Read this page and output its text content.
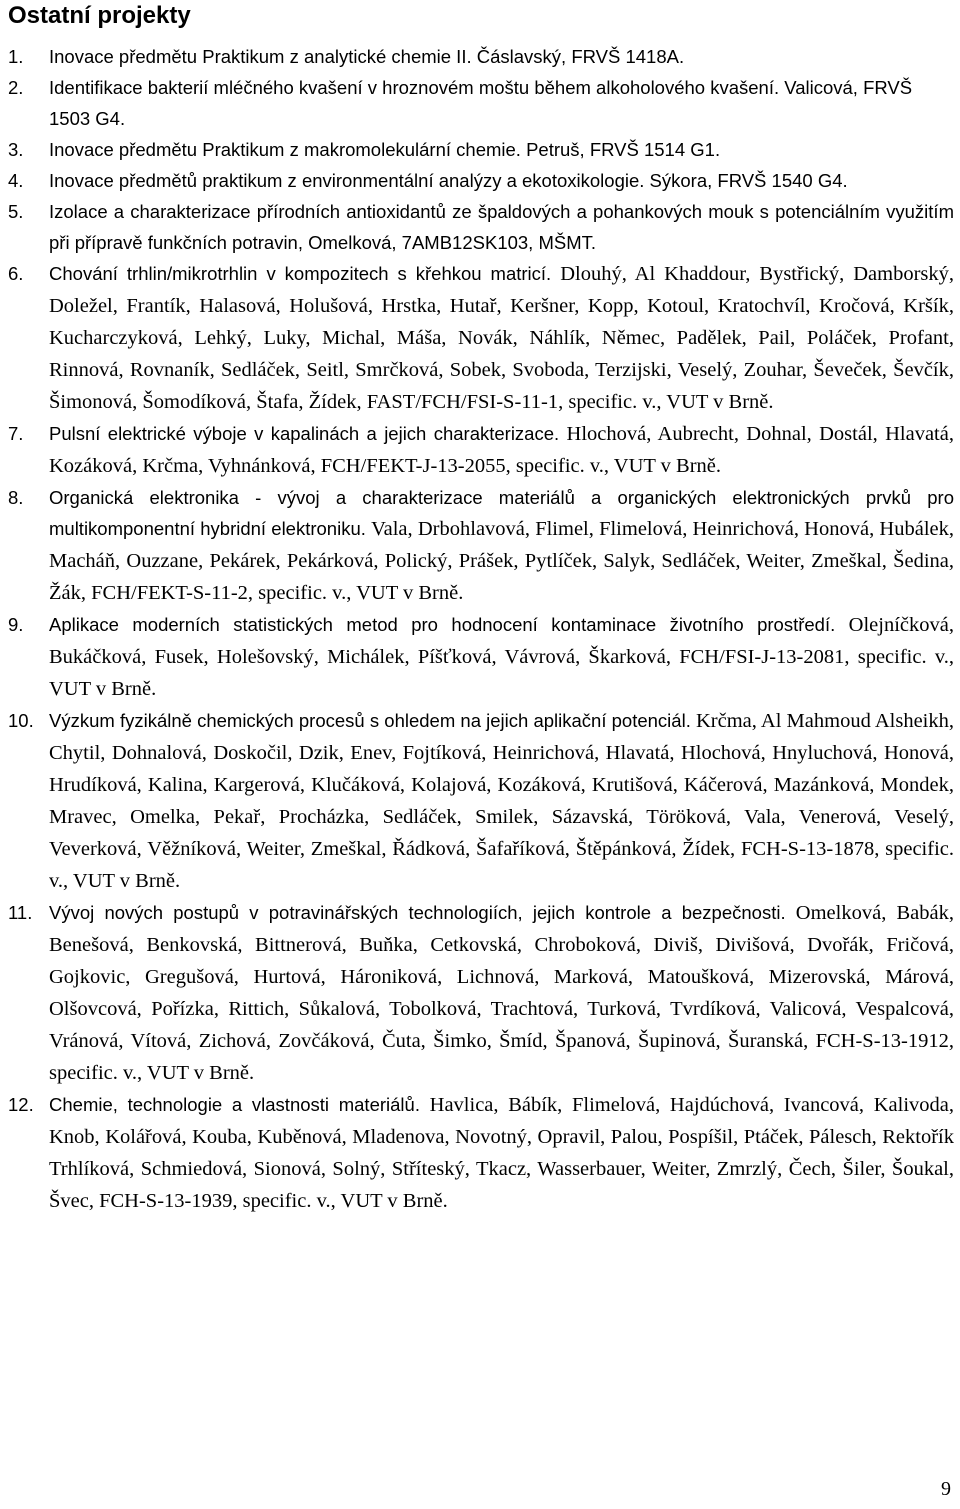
Ostatní projekty
1. Inovace předmětu Praktikum z analytické chemie II. Čáslavský, FRVŠ 1418A.
2. Identifikace bakterií mléčného kvašení v hroznovém moštu během alkoholového kvašení. Valicová, FRVŠ 1503 G4.
3. Inovace předmětu Praktikum z makromolekulární chemie. Petruš, FRVŠ 1514 G1.
4. Inovace předmětů praktikum z environmentální analýzy a ekotoxikologie. Sýkora, FRVŠ 1540 G4.
5. Izolace a charakterizace přírodních antioxidantů ze špaldových a pohankových mouk s potenciálním využitím při přípravě funkčních potravin, Omelková, 7AMB12SK103, MŠMT.
6. Chování trhlin/mikrotrhlin v kompozitech s křehkou matricí. Dlouhý, Al Khaddour, Bystřický, Damborský, Doležel, Frantík, Halasová, Holušová, Hrstka, Hutař, Keršner, Kopp, Kotoul, Kratochvíl, Kročová, Kršík, Kucharczyková, Lehký, Luky, Michal, Máša, Novák, Náhlík, Němec, Padělek, Pail, Poláček, Profant, Rinnová, Rovnaník, Sedláček, Seitl, Smrčková, Sobek, Svoboda, Terzijski, Veselý, Zouhar, Ševeček, Ševčík, Šimonová, Šomodíková, Štafa, Žídek, FAST/FCH/FSI-S-11-1, specific. v., VUT v Brně.
7. Pulsní elektrické výboje v kapalinách a jejich charakterizace. Hlochová, Aubrecht, Dohnal, Dostál, Hlavatá, Kozáková, Krčma, Vyhnánková, FCH/FEKT-J-13-2055, specific. v., VUT v Brně.
8. Organická elektronika - vývoj a charakterizace materiálů a organických elektronických prvků pro multikomponentní hybridní elektroniku. Vala, Drbohlavová, Flimel, Flimelová, Heinrichová, Honová, Hubálek, Macháň, Ouzzane, Pekárek, Pekárková, Polický, Prášek, Pytlíček, Salyk, Sedláček, Weiter, Zmeškal, Šedina, Žák, FCH/FEKT-S-11-2, specific. v., VUT v Brně.
9. Aplikace moderních statistických metod pro hodnocení kontaminace životního prostředí. Olejníčková, Bukáčková, Fusek, Holešovský, Michálek, Píšťková, Vávrová, Škarková, FCH/FSI-J-13-2081, specific. v., VUT v Brně.
10. Výzkum fyzikálně chemických procesů s ohledem na jejich aplikační potenciál. Krčma, Al Mahmoud Alsheikh, Chytil, Dohnalová, Doskočil, Dzik, Enev, Fojtíková, Heinrichová, Hlavatá, Hlochová, Hnyluchová, Honová, Hrudíková, Kalina, Kargerová, Klučáková, Kolajová, Kozáková, Krutišová, Káčerová, Mazánková, Mondek, Mravec, Omelka, Pekař, Procházka, Sedláček, Smilek, Sázavská, Töröková, Vala, Venerová, Veselý, Veverková, Věžníková, Weiter, Zmeškal, Řádková, Šafaříková, Štěpánková, Žídek, FCH-S-13-1878, specific. v., VUT v Brně.
11. Vývoj nových postupů v potravinářských technologiích, jejich kontrole a bezpečnosti. Omelková, Babák, Benešová, Benkovská, Bittnerová, Buňka, Cetkovská, Chroboková, Diviš, Divišová, Dvořák, Fričová, Gojkovic, Gregušová, Hurtová, Hároniková, Lichnová, Marková, Matoušková, Mizerovská, Márová, Olšovcová, Pořízka, Rittich, Sůkalová, Tobolková, Trachtová, Turková, Tvrdíková, Valicová, Vespalcová, Vránová, Vítová, Zichová, Zovčáková, Čuta, Šimko, Šmíd, Španová, Šupinová, Šuranská, FCH-S-13-1912, specific. v., VUT v Brně.
12. Chemie, technologie a vlastnosti materiálů. Havlica, Bábík, Flimelová, Hajdúchová, Ivancová, Kalivoda, Knob, Kolářová, Kouba, Kuběnová, Mladenova, Novotný, Opravil, Palou, Pospíšil, Ptáček, Pálesch, Rektořík Trhlíková, Schmiedová, Sionová, Solný, Stříteský, Tkacz, Wasserbauer, Weiter, Zmrzlý, Čech, Šiler, Šoukal, Švec, FCH-S-13-1939, specific. v., VUT v Brně.
9
